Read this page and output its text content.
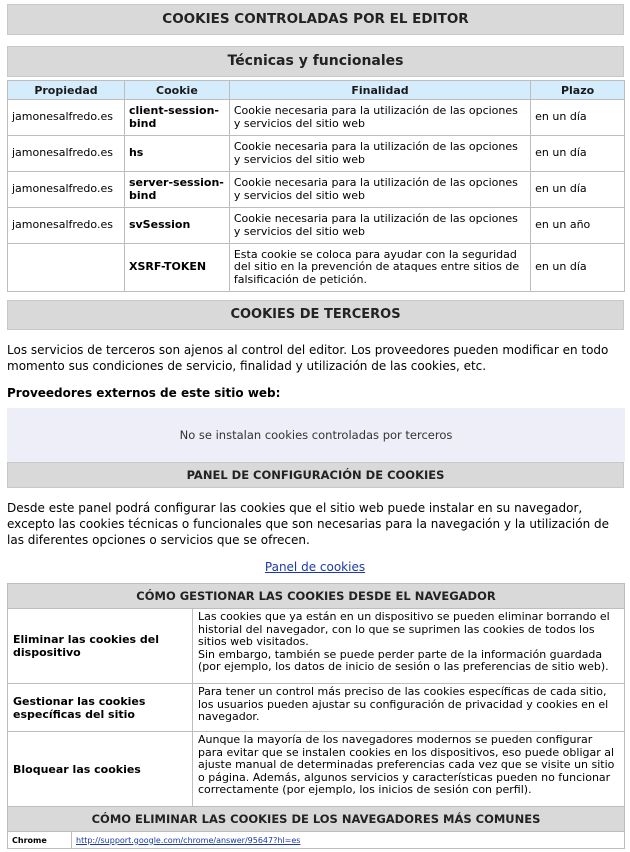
COOKIES CONTROLADAS POR EL EDITOR
Técnicas y funcionales
Propiedad	Cookie	Finalidad	Plazo
jamonesalfredo.es	client-session-bind	Cookie necesaria para la utilización de las opciones y servicios del sitio web	en un día
jamonesalfredo.es	hs	Cookie necesaria para la utilización de las opciones y servicios del sitio web	en un día
jamonesalfredo.es	server-session-bind	Cookie necesaria para la utilización de las opciones y servicios del sitio web	en un día
jamonesalfredo.es	svSession	Cookie necesaria para la utilización de las opciones y servicios del sitio web	en un año
	XSRF-TOKEN	Esta cookie se coloca para ayudar con la seguridad del sitio en la prevención de ataques entre sitios de falsificación de petición.	en un día
COOKIES DE TERCEROS

Los servicios de terceros son ajenos al control del editor. Los proveedores pueden modificar en todo momento sus condiciones de servicio, finalidad y utilización de las cookies, etc.

Proveedores externos de este sitio web:
No se instalan cookies controladas por terceros
PANEL DE CONFIGURACIÓN DE COOKIES

Desde este panel podrá configurar las cookies que el sitio web puede instalar en su navegador, excepto las cookies técnicas o funcionales que son necesarias para la navegación y la utilización de las diferentes opciones o servicios que se ofrecen.

Panel de cookies
CÓMO GESTIONAR LAS COOKIES DESDE EL NAVEGADOR	
Eliminar las cookies del dispositivo	Las cookies que ya están en un dispositivo se pueden eliminar borrando el historial del navegador, con lo que se suprimen las cookies de todos los sitios web visitados.
Sin embargo, también se puede perder parte de la información guardada (por ejemplo, los datos de inicio de sesión o las preferencias de sitio web).

Gestionar las cookies específicas del sitio	Para tener un control más preciso de las cookies específicas de cada sitio, los usuarios pueden ajustar su configuración de privacidad y cookies en el navegador.
Bloquear las cookies	Aunque la mayoría de los navegadores modernos se pueden configurar para evitar que se instalen cookies en los dispositivos, eso puede obligar al ajuste manual de determinadas preferencias cada vez que se visite un sitio o página. Además, algunos servicios y características pueden no funcionar correctamente (por ejemplo, los inicios de sesión con perfil).
CÓMO ELIMINAR LAS COOKIES DE LOS NAVEGADORES MÁS COMUNES	
Chrome	http://support.google.com/chrome/answer/95647?hl=es
